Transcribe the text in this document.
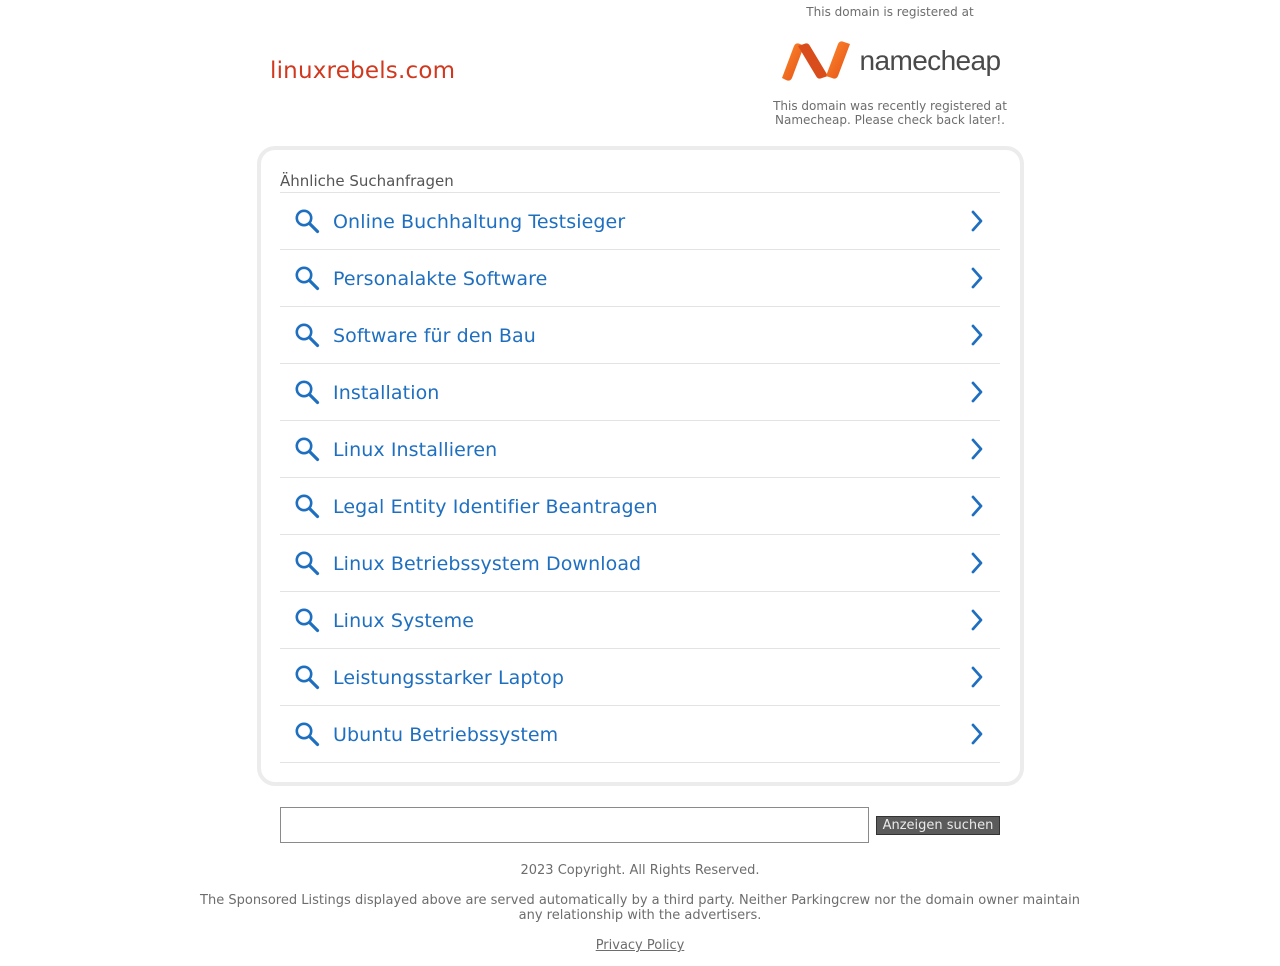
linuxrebels.com
This domain is registered at
namecheap
This domain was recently registered at Namecheap. Please check back later!.
Ähnliche Suchanfragen
Online Buchhaltung Testsieger
Personalakte Software
Software für den Bau
Installation
Linux Installieren
Legal Entity Identifier Beantragen
Linux Betriebssystem Download
Linux Systeme
Leistungsstarker Laptop
Ubuntu Betriebssystem
Anzeigen suchen
2023 Copyright. All Rights Reserved.
The Sponsored Listings displayed above are served automatically by a third party. Neither Parkingcrew nor the domain owner maintain any relationship with the advertisers.
Privacy Policy
